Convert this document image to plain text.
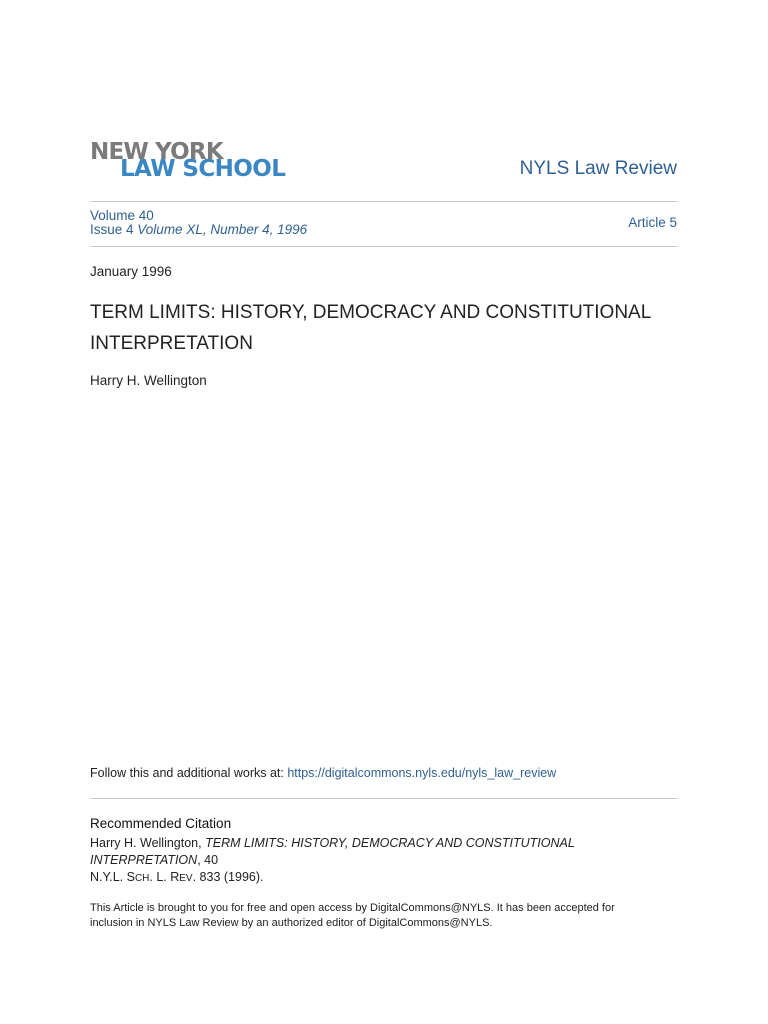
NEW YORK
LAW SCHOOL	NYLS Law Review
Volume 40
Issue 4 Volume XL, Number 4, 1996	Article 5
January 1996
TERM LIMITS: HISTORY, DEMOCRACY AND CONSTITUTIONAL
INTERPRETATION
Harry H. Wellington
Follow this and additional works at: https://digitalcommons.nyls.edu/nyls_law_review
Recommended Citation
Harry H. Wellington, TERM LIMITS: HISTORY, DEMOCRACY AND CONSTITUTIONAL INTERPRETATION, 40
N.Y.L. SCH. L. REV. 833 (1996).
This Article is brought to you for free and open access by DigitalCommons@NYLS. It has been accepted for
inclusion in NYLS Law Review by an authorized editor of DigitalCommons@NYLS.
